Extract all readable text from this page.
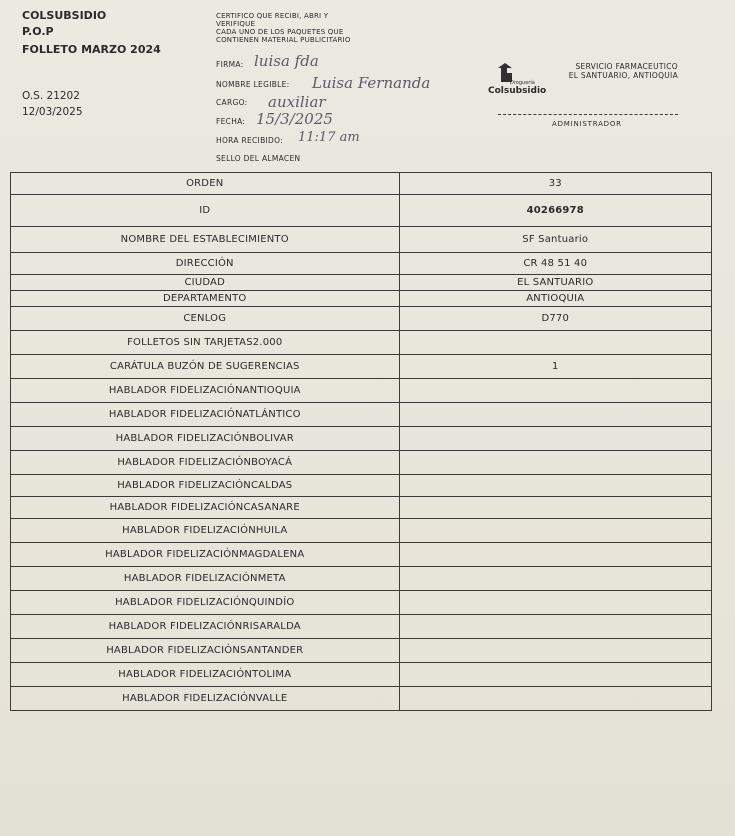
COLSUBSIDIO
P.O.P
FOLLETO MARZO 2024
O.S. 21202
12/03/2025
CERTIFICO QUE RECIBI, ABRI Y
VERIFIQUE
CADA UNO DE LOS PAQUETES QUE
CONTIENEN MATERIAL PUBLICITARIO
FIRMA: luisa fda
NOMBRE LEGIBLE: Luisa Fernanda
CARGO: auxiliar
FECHA: 15/3/2025
HORA RECIBIDO: 11:17 am
SELLO DEL ALMACEN
Droguería
Colsubsidio
SERVICIO FARMACEUTICO
EL SANTUARIO, ANTIOQUIA
ADMINISTRADOR
ORDEN	33
ID	40266978
NOMBRE DEL ESTABLECIMIENTO	SF Santuario
DIRECCIÓN	CR 48 51 40
CIUDAD	EL SANTUARIO
DEPARTAMENTO	ANTIOQUIA
CENLOG	D770
FOLLETOS SIN TARJETAS2.000	
CARÁTULA BUZÓN DE SUGERENCIAS	1
HABLADOR FIDELIZACIÓNANTIOQUIA	
HABLADOR FIDELIZACIÓNATLÁNTICO	
HABLADOR FIDELIZACIÓNBOLIVAR	
HABLADOR FIDELIZACIÓNBOYACÁ	
HABLADOR FIDELIZACIÓNCALDAS	
HABLADOR FIDELIZACIÓNCASANARE	
HABLADOR FIDELIZACIÓNHUILA	
HABLADOR FIDELIZACIÓNMAGDALENA	
HABLADOR FIDELIZACIÓNMETA	
HABLADOR FIDELIZACIÓNQUINDÍO	
HABLADOR FIDELIZACIÓNRISARALDA	
HABLADOR FIDELIZACIÓNSANTANDER	
HABLADOR FIDELIZACIÓNTOLIMA	
HABLADOR FIDELIZACIÓNVALLE	
